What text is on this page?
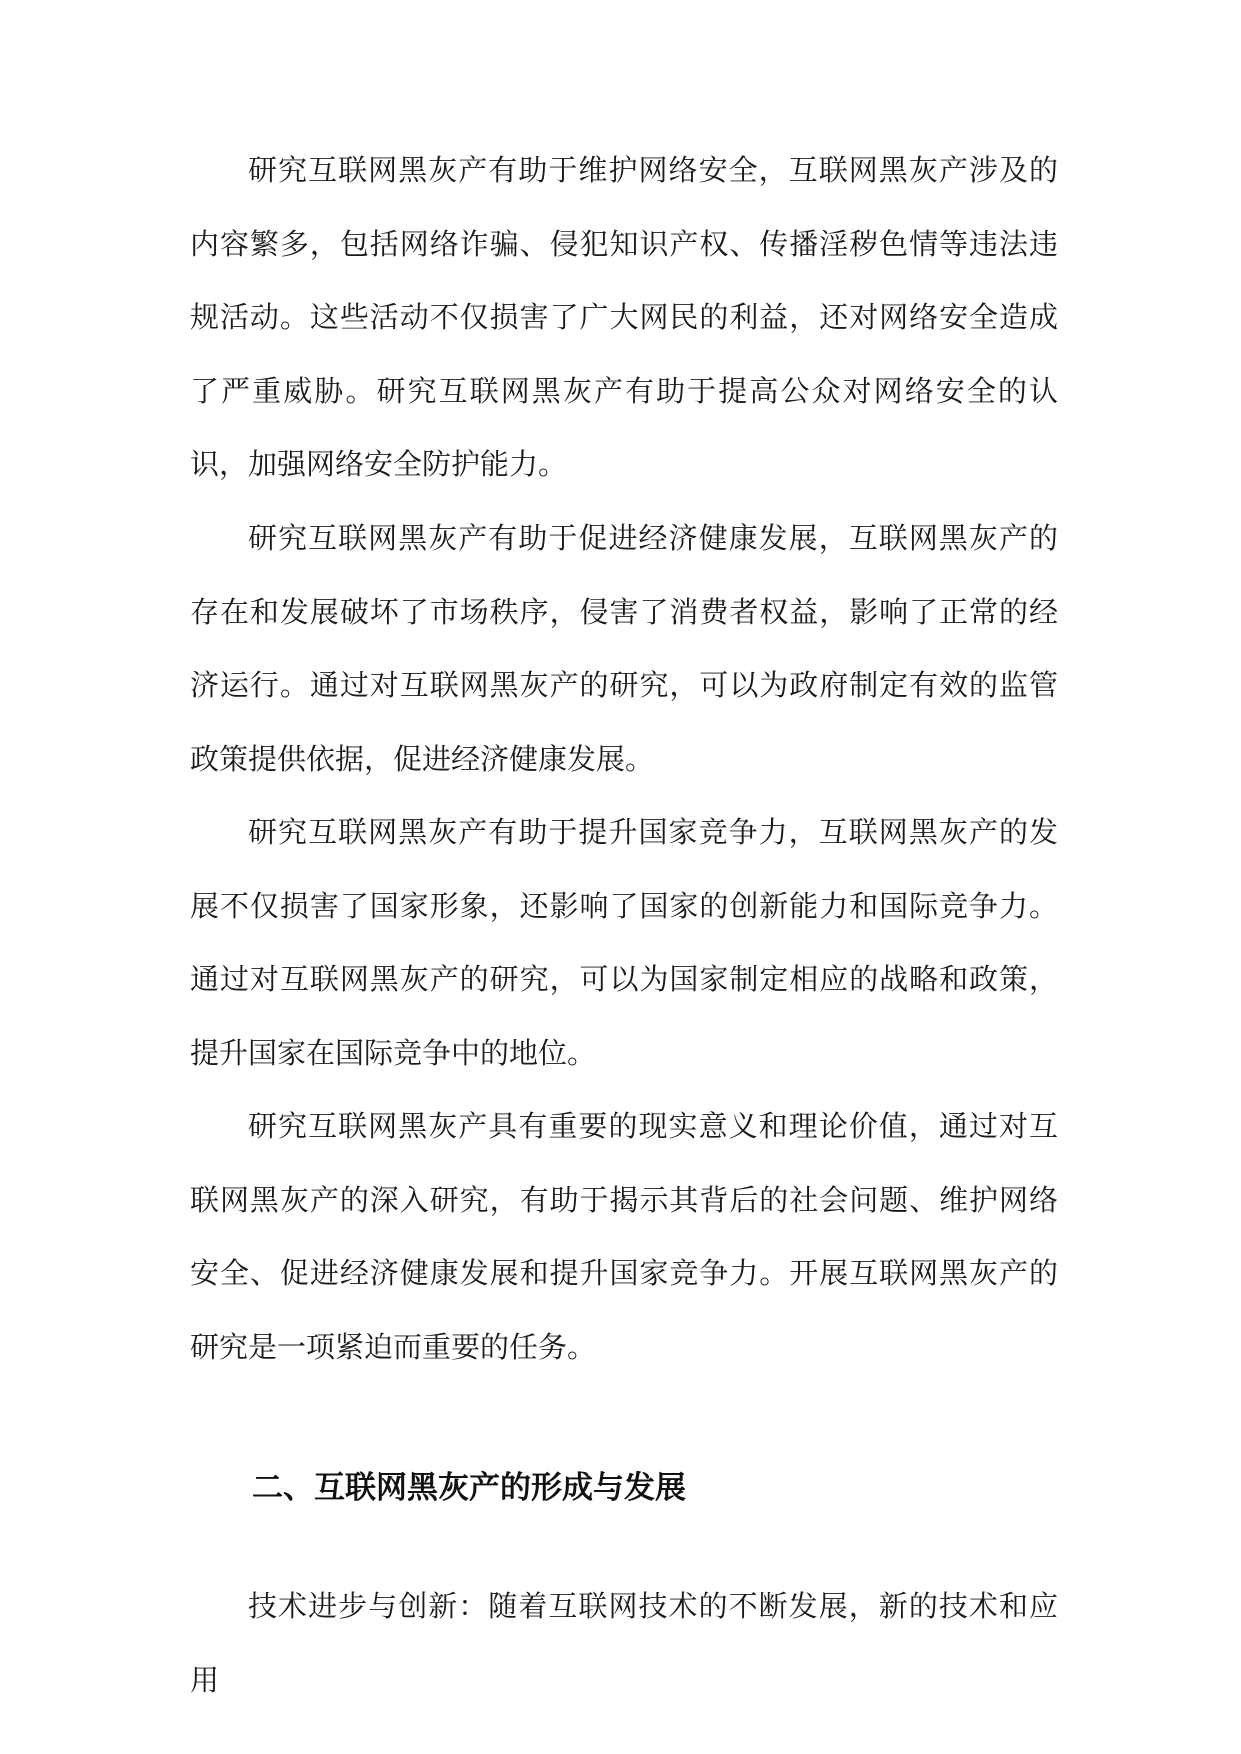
研究互联网黑灰产有助于维护网络安全，互联网黑灰产涉及的内容繁多，包括网络诈骗、侵犯知识产权、传播淫秽色情等违法违规活动。这些活动不仅损害了广大网民的利益，还对网络安全造成了严重威胁。研究互联网黑灰产有助于提高公众对网络安全的认识，加强网络安全防护能力。

研究互联网黑灰产有助于促进经济健康发展，互联网黑灰产的存在和发展破坏了市场秩序，侵害了消费者权益，影响了正常的经济运行。通过对互联网黑灰产的研究，可以为政府制定有效的监管政策提供依据，促进经济健康发展。

研究互联网黑灰产有助于提升国家竞争力，互联网黑灰产的发展不仅损害了国家形象，还影响了国家的创新能力和国际竞争力。通过对互联网黑灰产的研究，可以为国家制定相应的战略和政策，提升国家在国际竞争中的地位。

研究互联网黑灰产具有重要的现实意义和理论价值，通过对互联网黑灰产的深入研究，有助于揭示其背后的社会问题、维护网络安全、促进经济健康发展和提升国家竞争力。开展互联网黑灰产的研究是一项紧迫而重要的任务。

二、互联网黑灰产的形成与发展

技术进步与创新：随着互联网技术的不断发展，新的技术和应用
